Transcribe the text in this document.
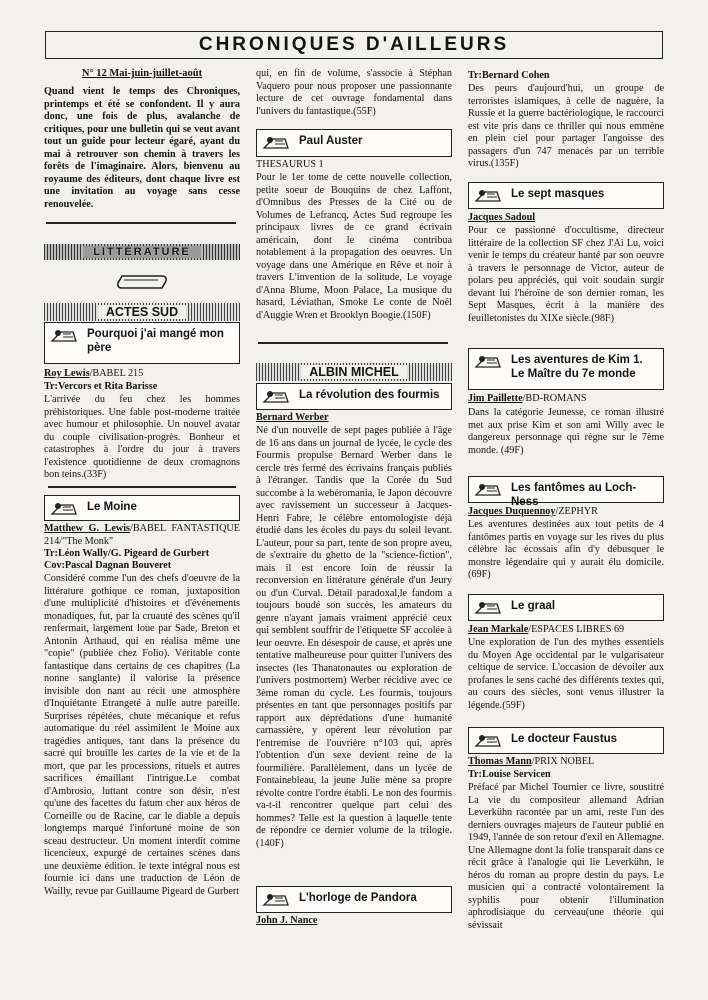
CHRONIQUES D'AILLEURS

N° 12 Mai-juin-juillet-août

Quand vient le temps des Chroniques, printemps et été se confondent. Il y aura donc, une fois de plus, avalanche de critiques, pour une bulletin qui se veut avant tout un guide pour lecteur égaré, ayant du mai à retrouver son chemin à travers les forêts de l'imaginaire. Alors, bienvenu au royaume des éditeurs, dont chaque livre est une invitation au voyage sans cesse renouvelée.

LITTÉRATURE
ACTES SUD
Pourquoi j'ai mangé mon père

Roy Lewis/BABEL 215

Tr:Vercors et Rita Barisse

L'arrivée du feu chez les hommes préhistoriques. Une fable post-moderne traitée avec humour et philosophie. Un nouvel avatar du couple civilisation-progrès. Bonheur et catastrophes à l'ordre du jour à travers l'existence quotidienne de deux cromagnons bon teins.(33F)

Le Moine

Matthew G. Lewis/BABEL FANTASTIQUE 214/"The Monk"

Tr:Léon Wally/G. Pigeard de Gurbert

Cov:Pascal Dagnan Bouveret

Considéré comme l'un des chefs d'oeuvre de la littérature gothique ce roman, juxtaposition d'une multiplicité d'histoires et d'événements monadiques, fut, par la cruauté des scènes qu'il renfermait, largement loue par Sade, Breton et Antonin Arthaud, qui en réalisa même une "copie" (publiée chez Folio). Véritable conte fantastique dans certains de ces chapitres (La nonne sanglante) il valorise la présence invisible don nant au récit une atmosphère d'Inquiétante Etrangeté à nulle autre pareille. Surprises répétées, chute mécanique et refus automatique du réel assimilent le Moine aux tragédies antiques, tant dans la présence du sacré qui brouille les cartes de la vie et de la mort, que par les processions, rituels et autres sacrifices émaillant l'intrigue.Le combat d'Ambrosio, luttant contre son désir, n'est qu'une des facettes du fatum cher aux héros de Corneille ou de Racine, car le diable a depuis longtemps marqué l'infortuné moine de son sceau destructeur. Un moment interdit comme licencieux, expurgé de certaines scènes dans une deuxième édition. le texte intégral nous est fournie ici dans une traduction de Léon de Wailly, revue par Guillaume Pigeard de Gurbert

qui, en fin de volume, s'associe à Stéphan Vaquero pour nous proposer une passionnante lecture de cet ouvrage fondamental dans l'univers du fantastique.(55F)

Paul Auster

THESAURUS 1

Pour le 1er tome de cette nouvelle collection, petite soeur de Bouquins de chez Laffont, d'Omnibus des Presses de la Cité ou de Volumes de Lefrancq, Actes Sud regroupe les principaux livres de ce grand écrivain américain, dont le cinéma contribua notablement à la propagation des oeuvres. Un voyage dans une Amérique en Rêve et noir à travers L'invention de la solitude, Le voyage d'Anna Blume, Moon Palace, La musique du hasard, Léviathan, Smoke Le conte de Noël d'Auggie Wren et Brooklyn Boogie.(150F)

ALBIN MICHEL
La révolution des fourmis

Bernard Werber

Né d'un nouvelle de sept pages publiée à l'âge de 16 ans dans un journal de lycée, le cycle des Fourmis propulse Bernard Werber dans le cercle très fermé des écrivains français publiés à l'étranger. Tandis que la Corée du Sud succombe à la webéromania, le Japon découvre avec ravissement un successeur à Jacques-Henri Fabre, le célèbre entomologiste déjà étudié dans les écoles du pays du soleil levant. L'auteur, pour sa part, tente de son propre aveu, de s'extraire du ghetto de la "science-fiction", mais il est encore loin de réussir la reconversion en littérature générale d'un Jeury ou d'un Curval. Détail paradoxal,le fandom a toujours boudé son succès, les amateurs du genre n'ayant jamais vraiment apprécié ceux qui semblent souffrir de l'étiquette SF accolée à leur oeuvre. En désespoir de cause, et après une tentative malheureuse pour quitter l'univers des insectes (les Thanatonautes ou exploration de l'univers postmortem) Werber récidive avec ce 3ème roman du cycle. Les fourmis, toujours présentes en tant que personnages positifs par rapport aux déprédations d'une humanité carnassière, y opèrent leur révolution par l'entremise de l'ouvrière n°103 qui, après l'obtention d'un sexe devient reine de la fourmilière. Parallèlement, dans un lycée de Fontainebleau, la jeune Julie mène sa propre révolte contre l'ordre établi. Le non des fourmis va-t-il rencontrer quelque part celui des hommes? Telle est la question à laquelle tente de répondre ce dernier volume de la trilogie.(140F)

L'horloge de Pandora

John J. Nance

Tr:Bernard Cohen

Des peurs d'aujourd'hui, un groupe de terroristes islamiques, à celle de naguère, la Russie et la guerre bactériologique, le raccourci est vite pris dans ce thriller qui nous emmène en plein ciel pour partager l'angoisse des passagers d'un 747 menacés par un terrible virus.(135F)

Le sept masques

Jacques Sadoul

Pour ce passionné d'occultisme, directeur littéraire de la collection SF chez J'Ai Lu, voici venir le temps du créateur hanté par son oeuvre à travers le personnage de Victor, auteur de polars peu appréciés, qui voit soudain surgir devant lui l'héroïne de son dernier roman, les Sept Masques, écrit à la manière des feuilletonistes du XIXe siècle.(98F)

Les aventures de Kim 1. Le Maître du 7e monde

Jim Paillette/BD-ROMANS

Dans la catégorie Jeunesse, ce roman illustré met aux prise Kim et son ami Willy avec le dangereux personnage qui règne sur le 7ème monde. (49F)

Les fantômes au Loch-Ness

Jacques Duquennoy/ZEPHYR

Les aventures destinées aux tout petits de 4 fantômes partis en voyage sur les rives du plus célèbre lac écossais afin d'y débusquer le monstre légendaire qui y aurait élu domicile.(69F)

Le graal

Jean Markale/ESPACES LIBRES 69

Une exploration de l'un des mythes essentiels du Moyen Age occidental par le vulgarisateur celtique de service. L'occasion de dévoiler aux profanes le sens caché des différents textes qui, au cours des siècles, sont venus illustrer la légende.(59F)

Le docteur Faustus

Thomas Mann/PRIX NOBEL

Tr:Louise Servicen

Préfacé par Michel Tournier ce livre, soustitré La vie du compositeur allemand Adrian Leverkühn racontée par un ami, reste l'un des derniers ouvrages majeurs de l'auteur publié en 1949, l'année de son retour d'exil en Allemagne. Une Allemagne dont la folie transparait dans ce récit grâce à l'analogie qui lie Leverkühn, le héros du roman au propre destin du pays. Le musicien qui a contracté volontairement la syphilis pour obtenir l'illumination aphrodisiaque du cerveau(une théorie qui sévissait
